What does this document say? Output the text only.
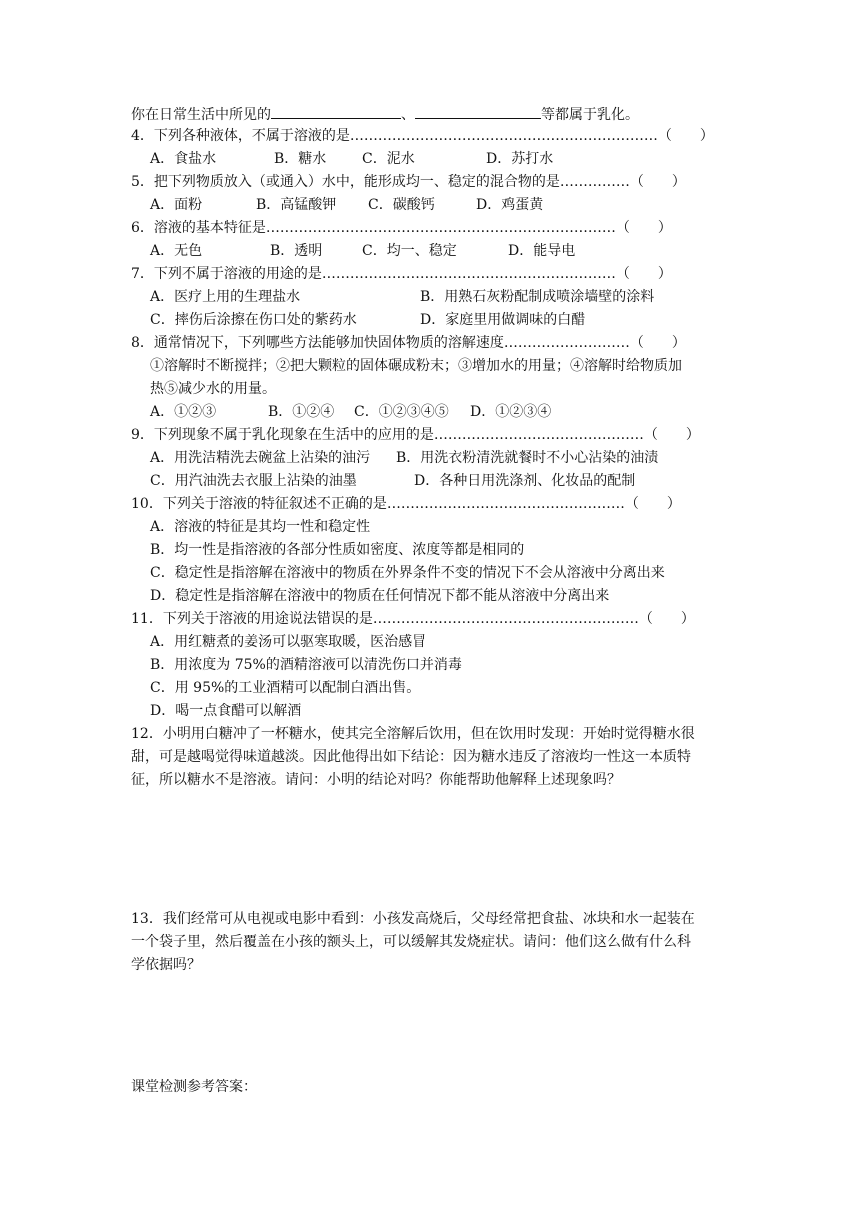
你在日常生活中所见的	、	等都属于乳化。
4．下列各种液体，不属于溶液的是…………………………………………………………（　　）
A．食盐水	B．糖水	C．泥水	D．苏打水
5．把下列物质放入（或通入）水中，能形成均一、稳定的混合物的是……………（　　）
A．面粉	B．高锰酸钾 C．碳酸钙	D．鸡蛋黄
6．溶液的基本特征是…………………………………………………………………（　　）
A．无色	B．透明	C．均一、稳定	D．能导电
7．下列不属于溶液的用途的是………………………………………………………（　　）
A．医疗上用的生理盐水	B．用熟石灰粉配制成喷涂墙壁的涂料
C．摔伤后涂擦在伤口处的紫药水	D．家庭里用做调味的白醋
8．通常情况下，下列哪些方法能够加快固体物质的溶解速度………………………（　　）
①溶解时不断搅拌；②把大颗粒的固体碾成粉末；③增加水的用量；④溶解时给物质加
热⑤减少水的用量。
A．①②③	B．①②④ C．①②③④⑤ D．①②③④
9．下列现象不属于乳化现象在生活中的应用的是………………………………………（　　）
A．用洗洁精洗去碗盆上沾染的油污 B．用洗衣粉清洗就餐时不小心沾染的油渍
C．用汽油洗去衣服上沾染的油墨	D．各种日用洗涤剂、化妆品的配制
10．下列关于溶液的特征叙述不正确的是……………………………………………（　　）
A．溶液的特征是其均一性和稳定性
B．均一性是指溶液的各部分性质如密度、浓度等都是相同的
C．稳定性是指溶解在溶液中的物质在外界条件不变的情况下不会从溶液中分离出来
D．稳定性是指溶解在溶液中的物质在任何情况下都不能从溶液中分离出来
11．下列关于溶液的用途说法错误的是…………………………………………………（　　）
A．用红糖煮的姜汤可以驱寒取暖，医治感冒
B．用浓度为 75%的酒精溶液可以清洗伤口并消毒
C．用 95%的工业酒精可以配制白酒出售。
D．喝一点食醋可以解酒
12．小明用白糖冲了一杯糖水，使其完全溶解后饮用，但在饮用时发现：开始时觉得糖水很
甜，可是越喝觉得味道越淡。因此他得出如下结论：因为糖水违反了溶液均一性这一本质特
征，所以糖水不是溶液。请问：小明的结论对吗？你能帮助他解释上述现象吗？
13．我们经常可从电视或电影中看到：小孩发高烧后，父母经常把食盐、冰块和水一起装在
一个袋子里，然后覆盖在小孩的额头上，可以缓解其发烧症状。请问：他们这么做有什么科
学依据吗？
课堂检测参考答案：
